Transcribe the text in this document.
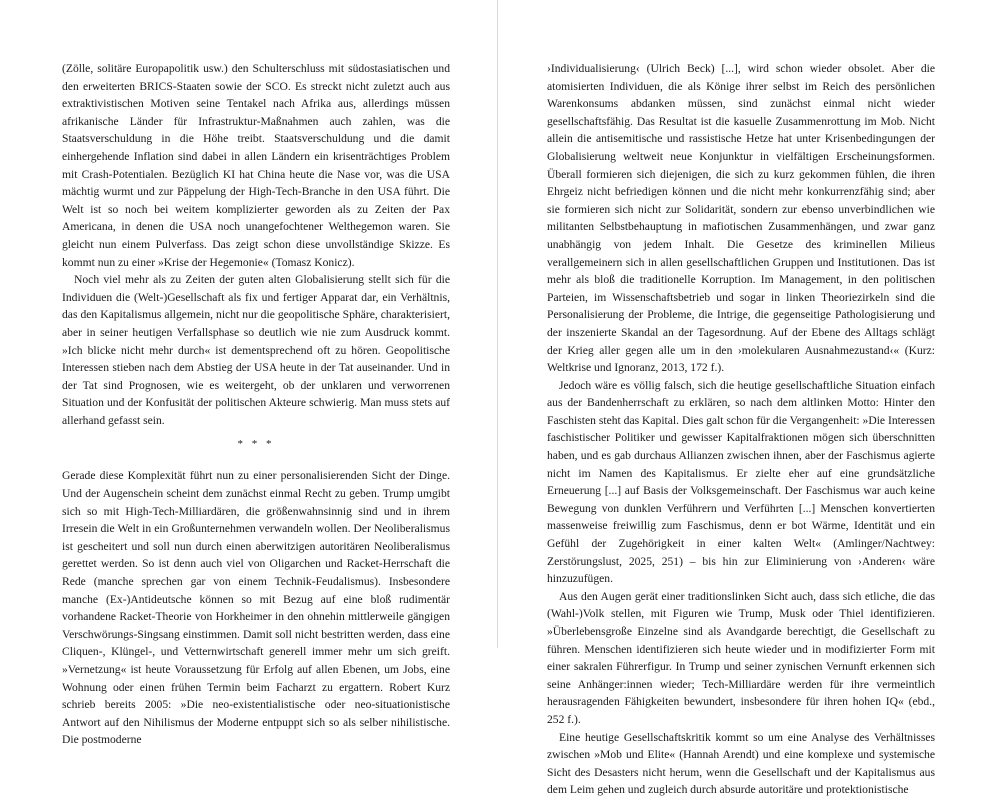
(Zölle, solitäre Europapolitik usw.) den Schulterschluss mit südostasiatischen und den erweiterten BRICS-Staaten sowie der SCO. Es streckt nicht zuletzt auch aus extraktivistischen Motiven seine Tentakel nach Afrika aus, allerdings müssen afrikanische Länder für Infrastruktur-Maßnahmen auch zahlen, was die Staatsverschuldung in die Höhe treibt. Staatsverschuldung und die damit einhergehende Inflation sind dabei in allen Ländern ein krisenträchtiges Problem mit Crash-Potentialen. Bezüglich KI hat China heute die Nase vor, was die USA mächtig wurmt und zur Päppelung der High-Tech-Branche in den USA führt. Die Welt ist so noch bei weitem komplizierter geworden als zu Zeiten der Pax Americana, in denen die USA noch unangefochtener Welthegemon waren. Sie gleicht nun einem Pulverfass. Das zeigt schon diese unvollständige Skizze. Es kommt nun zu einer »Krise der Hegemonie« (Tomasz Konicz).

Noch viel mehr als zu Zeiten der guten alten Globalisierung stellt sich für die Individuen die (Welt-)Gesellschaft als fix und fertiger Apparat dar, ein Verhältnis, das den Kapitalismus allgemein, nicht nur die geopolitische Sphäre, charakterisiert, aber in seiner heutigen Verfallsphase so deutlich wie nie zum Ausdruck kommt. »Ich blicke nicht mehr durch« ist dementsprechend oft zu hören. Geopolitische Interessen stieben nach dem Abstieg der USA heute in der Tat auseinander. Und in der Tat sind Prognosen, wie es weitergeht, ob der unklaren und verworrenen Situation und der Konfusität der politischen Akteure schwierig. Man muss stets auf allerhand gefasst sein.

* * *

Gerade diese Komplexität führt nun zu einer personalisierenden Sicht der Dinge. Und der Augenschein scheint dem zunächst einmal Recht zu geben. Trump umgibt sich so mit High-Tech-Milliardären, die größenwahnsinnig sind und in ihrem Irresein die Welt in ein Großunternehmen verwandeln wollen. Der Neoliberalismus ist gescheitert und soll nun durch einen aberwitzigen autoritären Neoliberalismus gerettet werden. So ist denn auch viel von Oligarchen und Racket-Herrschaft die Rede (manche sprechen gar von einem Technik-Feudalismus). Insbesondere manche (Ex-)Antideutsche können so mit Bezug auf eine bloß rudimentär vorhandene Racket-Theorie von Horkheimer in den ohnehin mittlerweile gängigen Verschwörungs-Singsang einstimmen. Damit soll nicht bestritten werden, dass eine Cliquen-, Klüngel-, und Vetternwirtschaft generell immer mehr um sich greift. »Vernetzung« ist heute Voraussetzung für Erfolg auf allen Ebenen, um Jobs, eine Wohnung oder einen frühen Termin beim Facharzt zu ergattern. Robert Kurz schrieb bereits 2005: »Die neo-existentialistische oder neo-situationistische Antwort auf den Nihilismus der Moderne entpuppt sich so als selber nihilistische. Die postmoderne

›Individualisierung‹ (Ulrich Beck) [...], wird schon wieder obsolet. Aber die atomisierten Individuen, die als Könige ihrer selbst im Reich des persönlichen Warenkonsums abdanken müssen, sind zunächst einmal nicht wieder gesellschaftsfähig. Das Resultat ist die kasuelle Zusammenrottung im Mob. Nicht allein die antisemitische und rassistische Hetze hat unter Krisenbedingungen der Globalisierung weltweit neue Konjunktur in vielfältigen Erscheinungsformen. Überall formieren sich diejenigen, die sich zu kurz gekommen fühlen, die ihren Ehrgeiz nicht befriedigen können und die nicht mehr konkurrenzfähig sind; aber sie formieren sich nicht zur Solidarität, sondern zur ebenso unverbindlichen wie militanten Selbstbehauptung in mafiotischen Zusammenhängen, und zwar ganz unabhängig von jedem Inhalt. Die Gesetze des kriminellen Milieus verallgemeinern sich in allen gesellschaftlichen Gruppen und Institutionen. Das ist mehr als bloß die traditionelle Korruption. Im Management, in den politischen Parteien, im Wissenschaftsbetrieb und sogar in linken Theoriezirkeln sind die Personalisierung der Probleme, die Intrige, die gegenseitige Pathologisierung und der inszenierte Skandal an der Tagesordnung. Auf der Ebene des Alltags schlägt der Krieg aller gegen alle um in den ›molekularen Ausnahmezustand‹« (Kurz: Weltkrise und Ignoranz, 2013, 172 f.).

Jedoch wäre es völlig falsch, sich die heutige gesellschaftliche Situation einfach aus der Bandenherrschaft zu erklären, so nach dem altlinken Motto: Hinter den Faschisten steht das Kapital. Dies galt schon für die Vergangenheit: »Die Interessen faschistischer Politiker und gewisser Kapitalfraktionen mögen sich überschnitten haben, und es gab durchaus Allianzen zwischen ihnen, aber der Faschismus agierte nicht im Namen des Kapitalismus. Er zielte eher auf eine grundsätzliche Erneuerung [...] auf Basis der Volksgemeinschaft. Der Faschismus war auch keine Bewegung von dunklen Verführern und Verführten [...] Menschen konvertierten massenweise freiwillig zum Faschismus, denn er bot Wärme, Identität und ein Gefühl der Zugehörigkeit in einer kalten Welt« (Amlinger/Nachtwey: Zerstörungslust, 2025, 251) – bis hin zur Eliminierung von ›Anderen‹ wäre hinzuzufügen.

Aus den Augen gerät einer traditionslinken Sicht auch, dass sich etliche, die das (Wahl-)Volk stellen, mit Figuren wie Trump, Musk oder Thiel identifizieren. »Überlebensgroße Einzelne sind als Avandgarde berechtigt, die Gesellschaft zu führen. Menschen identifizieren sich heute wieder und in modifizierter Form mit einer sakralen Führerfigur. In Trump und seiner zynischen Vernunft erkennen sich seine Anhänger:innen wieder; Tech-Milliardäre werden für ihre vermeintlich herausragenden Fähigkeiten bewundert, insbesondere für ihren hohen IQ« (ebd., 252 f.).

Eine heutige Gesellschaftskritik kommt so um eine Analyse des Verhältnisses zwischen »Mob und Elite« (Hannah Arendt) und eine komplexe und systemische Sicht des Desasters nicht herum, wenn die Gesellschaft und der Kapitalismus aus dem Leim gehen und zugleich durch absurde autoritäre und protektionistische
